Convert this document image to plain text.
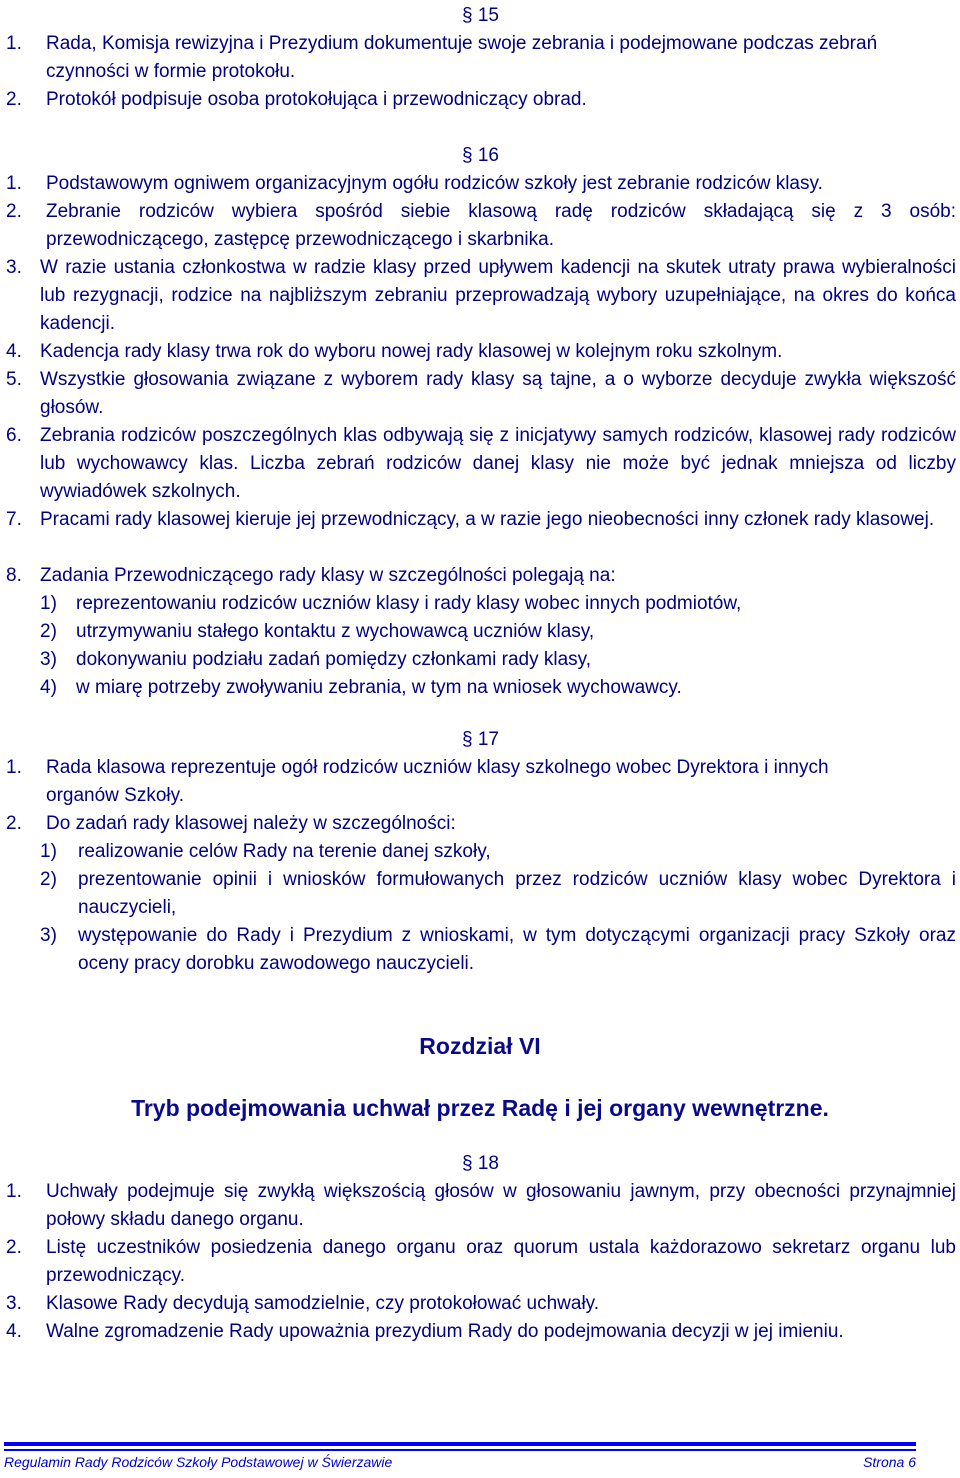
§ 15
1.	Rada, Komisja rewizyjna i Prezydium dokumentuje swoje zebrania i podejmowane podczas zebrań czynności w formie protokołu.
2.	Protokół podpisuje osoba protokołująca i przewodniczący obrad.
§ 16
1.	Podstawowym ogniwem organizacyjnym ogółu rodziców szkoły jest zebranie rodziców klasy.
2.	Zebranie rodziców wybiera spośród siebie klasową radę rodziców składającą się z 3 osób: przewodniczącego, zastępcę przewodniczącego i skarbnika.
3. W razie ustania członkostwa w radzie klasy przed upływem kadencji na skutek utraty prawa wybieralności lub rezygnacji, rodzice na najbliższym zebraniu przeprowadzają wybory uzupełniające, na okres do końca kadencji.
4. Kadencja rady klasy trwa rok do wyboru nowej rady klasowej w kolejnym roku szkolnym.
5. Wszystkie głosowania związane z wyborem rady klasy są tajne, a o wyborze decyduje zwykła większość głosów.
6. Zebrania rodziców poszczególnych klas odbywają się z inicjatywy samych rodziców, klasowej rady rodziców lub wychowawcy klas. Liczba zebrań rodziców danej klasy nie może być jednak mniejsza od liczby wywiadówek szkolnych.
7. Pracami rady klasowej kieruje jej przewodniczący, a w razie jego nieobecności inny członek rady klasowej.
8. Zadania Przewodniczącego rady klasy w szczególności polegają na:
1)	reprezentowaniu rodziców uczniów klasy i rady klasy wobec innych podmiotów,
2)	utrzymywaniu stałego kontaktu z wychowawcą uczniów klasy,
3)	dokonywaniu podziału zadań pomiędzy członkami rady klasy,
4)	w miarę potrzeby zwoływaniu zebrania, w tym na wniosek wychowawcy.
§ 17
1.	Rada klasowa reprezentuje ogół rodziców uczniów klasy szkolnego wobec Dyrektora i innych organów Szkoły.
2.	Do zadań rady klasowej należy w szczególności:
1)	realizowanie celów Rady na terenie danej szkoły,
2)	prezentowanie opinii i wniosków formułowanych przez rodziców uczniów klasy wobec Dyrektora i nauczycieli,
3)	występowanie do Rady i Prezydium z wnioskami, w tym dotyczącymi organizacji pracy Szkoły oraz oceny pracy dorobku zawodowego nauczycieli.
Rozdział VI
Tryb podejmowania uchwał przez Radę i jej organy wewnętrzne.
§ 18
1.	Uchwały podejmuje się zwykłą większością głosów w głosowaniu jawnym, przy obecności przynajmniej połowy składu danego organu.
2.	Listę uczestników posiedzenia danego organu oraz quorum ustala każdorazowo sekretarz organu lub przewodniczący.
3.	Klasowe Rady decydują samodzielnie, czy protokołować uchwały.
4.	Walne zgromadzenie Rady upoważnia prezydium Rady do podejmowania decyzji w jej imieniu.
Regulamin Rady Rodziców Szkoły Podstawowej w Świerzawie	Strona 6
